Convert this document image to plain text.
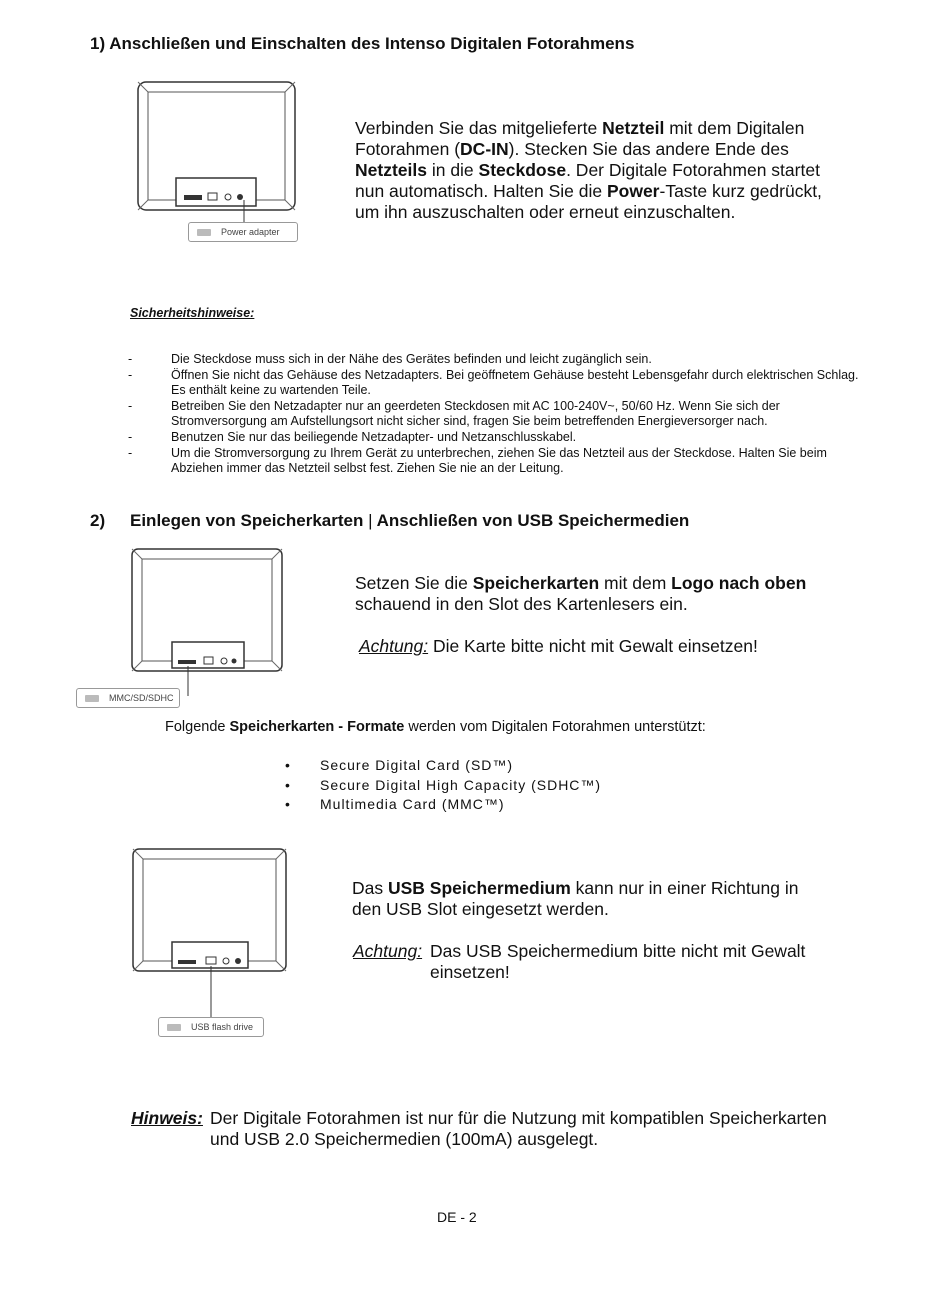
1) Anschließen und Einschalten des Intenso Digitalen Fotorahmens
Power adapter
Verbinden Sie das mitgelieferte Netzteil mit dem Digitalen Fotorahmen (DC-IN). Stecken Sie das andere Ende des Netzteils in die Steckdose. Der Digitale Fotorahmen startet nun automatisch. Halten Sie die Power-Taste kurz gedrückt, um ihn auszuschalten oder erneut einzuschalten.
Sicherheitshinweise:
-	Die Steckdose muss sich in der Nähe des Gerätes befinden und leicht zugänglich sein.
-	Öffnen Sie nicht das Gehäuse des Netzadapters. Bei geöffnetem Gehäuse besteht Lebensgefahr durch elektrischen Schlag. Es enthält keine zu wartenden Teile.
-	Betreiben Sie den Netzadapter nur an geerdeten Steckdosen mit AC 100-240V~, 50/60 Hz. Wenn Sie sich der Stromversorgung am Aufstellungsort nicht sicher sind, fragen Sie beim betreffenden Energieversorger nach.
-	Benutzen Sie nur das beiliegende Netzadapter- und Netzanschlusskabel.
-	Um die Stromversorgung zu Ihrem Gerät zu unterbrechen, ziehen Sie das Netzteil aus der Steckdose. Halten Sie beim Abziehen immer das Netzteil selbst fest. Ziehen Sie nie an der Leitung.
2) Einlegen von Speicherkarten | Anschließen von USB Speichermedien
MMC/SD/SDHC
Setzen Sie die Speicherkarten mit dem Logo nach oben schauend in den Slot des Kartenlesers ein.
Achtung: Die Karte bitte nicht mit Gewalt einsetzen!
Folgende Speicherkarten - Formate werden vom Digitalen Fotorahmen unterstützt:
• Secure Digital Card (SD™)
• Secure Digital High Capacity (SDHC™)
• Multimedia Card (MMC™)
USB flash drive
Das USB Speichermedium kann nur in einer Richtung in den USB Slot eingesetzt werden.
Achtung: Das USB Speichermedium bitte nicht mit Gewalt einsetzen!
Hinweis: Der Digitale Fotorahmen ist nur für die Nutzung mit kompatiblen Speicherkarten und USB 2.0 Speichermedien (100mA) ausgelegt.
DE - 2
